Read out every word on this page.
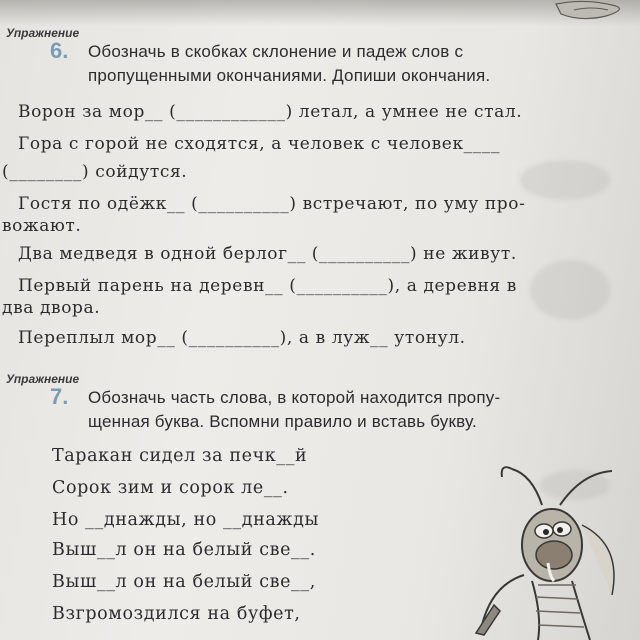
Упражнение
6. Обозначь в скобках склонение и падеж слов с
пропущенными окончаниями. Допиши окончания.
Ворон за мор__ (____________) летал, а умнее не стал.
Гора с горой не сходятся, а человек с человек____
(________) сойдутся.
Гостя по одёжк__ (__________) встречают, по уму про-
вожают.
Два медведя в одной берлог__ (__________) не живут.
Первый парень на деревн__ (__________), а деревня в
два двора.
Переплыл мор__ (__________), а в луж__ утонул.
Упражнение
7. Обозначь часть слова, в которой находится пропу-
щенная буква. Вспомни правило и вставь букву.
Таракан сидел за печк__й
Сорок зим и сорок ле__.
Но __днажды, но __днажды
Выш__л он на белый све__.
Выш__л он на белый све__,
Взгромоздился на буфет,
